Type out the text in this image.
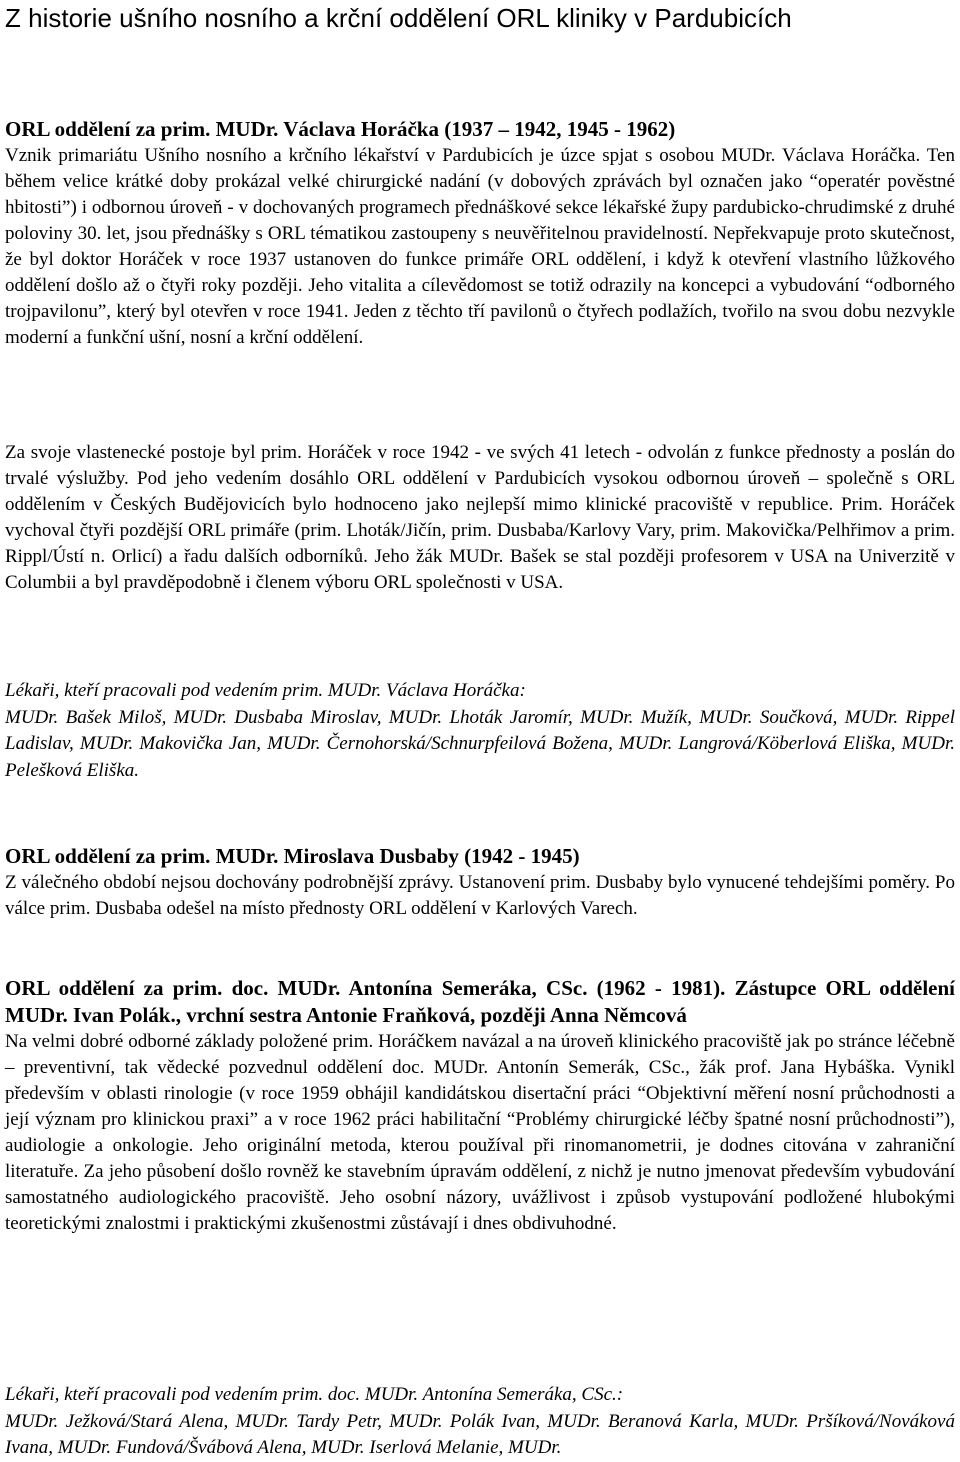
Z historie ušního nosního a krční oddělení ORL kliniky v Pardubicích

ORL oddělení za prim. MUDr. Václava Horáčka (1937 – 1942, 1945 - 1962)

Vznik primariátu Ušního nosního a krčního lékařství v Pardubicích je úzce spjat s osobou MUDr. Václava Horáčka. Ten během velice krátké doby prokázal velké chirurgické nadání (v dobových zprávách byl označen jako “operatér pověstné hbitosti”) i odbornou úroveň - v dochovaných programech přednáškové sekce lékařské župy pardubicko-chrudimské z druhé poloviny 30. let, jsou přednášky s ORL tématikou zastoupeny s neuvěřitelnou pravidelností. Nepřekvapuje proto skutečnost, že byl doktor Horáček v roce 1937 ustanoven do funkce primáře ORL oddělení, i když k otevření vlastního lůžkového oddělení došlo až o čtyři roky později. Jeho vitalita a cílevědomost se totiž odrazily na koncepci a vybudování “odborného trojpavilonu”, který byl otevřen v roce 1941. Jeden z těchto tří pavilonů o čtyřech podlažích, tvořilo na svou dobu nezvykle moderní a funkční ušní, nosní a krční oddělení.

Za svoje vlastenecké postoje byl prim. Horáček v roce 1942 - ve svých 41 letech - odvolán z funkce přednosty a poslán do trvalé výslužby. Pod jeho vedením dosáhlo ORL oddělení v Pardubicích vysokou odbornou úroveň – společně s ORL oddělením v Českých Budějovicích bylo hodnoceno jako nejlepší mimo klinické pracoviště v republice. Prim. Horáček vychoval čtyři pozdější ORL primáře (prim. Lhoták/Jičín, prim. Dusbaba/Karlovy Vary, prim. Makovička/Pelhřimov a prim. Rippl/Ústí n. Orlicí) a řadu dalších odborníků. Jeho žák MUDr. Bašek se stal později profesorem v USA na Univerzitě v Columbii a byl pravděpodobně i členem výboru ORL společnosti v USA.

Lékaři, kteří pracovali pod vedením prim. MUDr. Václava Horáčka:

MUDr. Bašek Miloš, MUDr. Dusbaba Miroslav, MUDr. Lhoták Jaromír, MUDr. Mužík, MUDr. Součková, MUDr. Rippel Ladislav, MUDr. Makovička Jan, MUDr. Černohorská/Schnurpfeilová Božena, MUDr. Langrová/Köberlová Eliška, MUDr. Pelešková Eliška.

ORL oddělení za prim. MUDr. Miroslava Dusbaby (1942 - 1945)

Z válečného období nejsou dochovány podrobnější zprávy. Ustanovení prim. Dusbaby bylo vynucené tehdejšími poměry. Po válce prim. Dusbaba odešel na místo přednosty ORL oddělení v Karlových Varech.

ORL oddělení za prim. doc. MUDr. Antonína Semeráka, CSc. (1962 - 1981). Zástupce ORL oddělení MUDr. Ivan Polák., vrchní sestra Antonie Fraňková, později Anna Němcová

Na velmi dobré odborné základy položené prim. Horáčkem navázal a na úroveň klinického pracoviště jak po stránce léčebně – preventivní, tak vědecké pozvednul oddělení doc. MUDr. Antonín Semerák, CSc., žák prof. Jana Hybáška. Vynikl především v oblasti rinologie (v roce 1959 obhájil kandidátskou disertační práci “Objektivní měření nosní průchodnosti a její význam pro klinickou praxi” a v roce 1962 práci habilitační “Problémy chirurgické léčby špatné nosní průchodnosti”), audiologie a onkologie. Jeho originální metoda, kterou používal při rinomanometrii, je dodnes citována v zahraniční literatuře. Za jeho působení došlo rovněž ke stavebním úpravám oddělení, z nichž je nutno jmenovat především vybudování samostatného audiologického pracoviště. Jeho osobní názory, uvážlivost i způsob vystupování podložené hlubokými teoretickými znalostmi i praktickými zkušenostmi zůstávají i dnes obdivuhodné.

Lékaři, kteří pracovali pod vedením prim. doc. MUDr. Antonína Semeráka, CSc.:

MUDr. Ježková/Stará Alena, MUDr. Tardy Petr, MUDr. Polák Ivan, MUDr. Beranová Karla, MUDr. Pršíková/Nováková Ivana, MUDr. Fundová/Švábová Alena, MUDr. Iserlová Melanie, MUDr.
